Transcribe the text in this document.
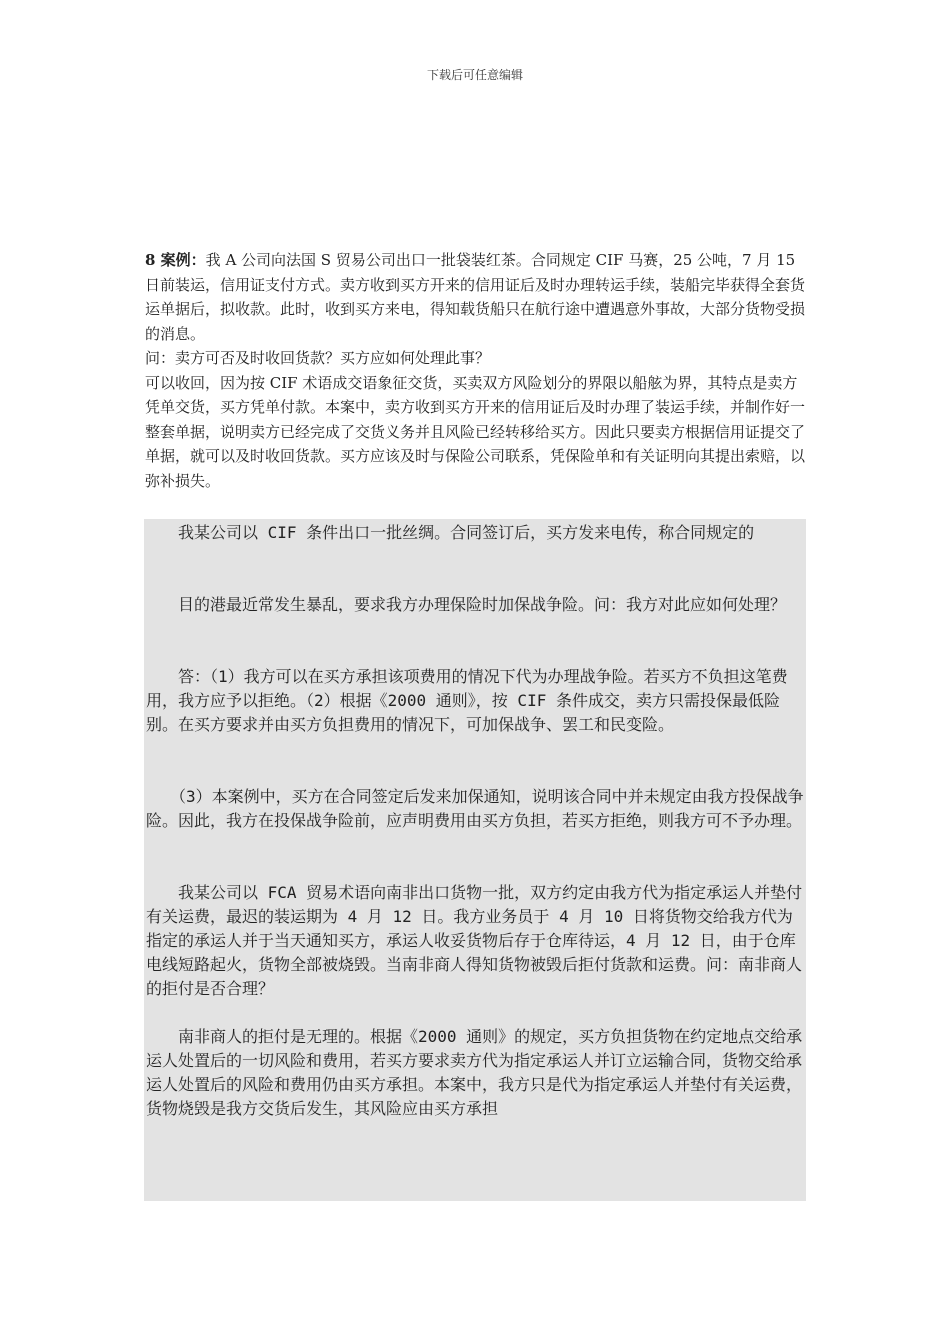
下载后可任意编辑

8 案例：我 A 公司向法国 S 贸易公司出口一批袋装红茶。合同规定 CIF 马赛，25 公吨，7 月 15 日前装运，信用证支付方式。卖方收到买方开来的信用证后及时办理转运手续，装船完毕获得全套货运单据后，拟收款。此时，收到买方来电，得知载货船只在航行途中遭遇意外事故，大部分货物受损的消息。

问：卖方可否及时收回货款？买方应如何处理此事？

可以收回，因为按 CIF 术语成交语象征交货，买卖双方风险划分的界限以船舷为界，其特点是卖方凭单交货，买方凭单付款。本案中，卖方收到买方开来的信用证后及时办理了装运手续，并制作好一整套单据，说明卖方已经完成了交货义务并且风险已经转移给买方。因此只要卖方根据信用证提交了单据，就可以及时收回货款。买方应该及时与保险公司联系，凭保险单和有关证明向其提出索赔，以弥补损失。

　　我某公司以 CIF 条件出口一批丝绸。合同签订后，买方发来电传，称合同规定的

　　目的港最近常发生暴乱，要求我方办理保险时加保战争险。问：我方对此应如何处理？

　　答：（1）我方可以在买方承担该项费用的情况下代为办理战争险。若买方不负担这笔费用，我方应予以拒绝。（2）根据《2000 通则》，按 CIF 条件成交，卖方只需投保最低险别。在买方要求并由买方负担费用的情况下，可加保战争、罢工和民变险。

　　（3）本案例中，买方在合同签定后发来加保通知，说明该合同中并未规定由我方投保战争险。因此，我方在投保战争险前，应声明费用由买方负担，若买方拒绝，则我方可不予办理。

　　我某公司以 FCA 贸易术语向南非出口货物一批，双方约定由我方代为指定承运人并垫付有关运费，最迟的装运期为 4 月 12 日。我方业务员于 4 月 10 日将货物交给我方代为指定的承运人并于当天通知买方，承运人收妥货物后存于仓库待运，4 月 12 日，由于仓库电线短路起火，货物全部被烧毁。当南非商人得知货物被毁后拒付货款和运费。问：南非商人的拒付是否合理？

　　南非商人的拒付是无理的。根据《2000 通则》的规定，买方负担货物在约定地点交给承运人处置后的一切风险和费用，若买方要求卖方代为指定承运人并订立运输合同，货物交给承运人处置后的风险和费用仍由买方承担。本案中，我方只是代为指定承运人并垫付有关运费，货物烧毁是我方交货后发生，其风险应由买方承担
